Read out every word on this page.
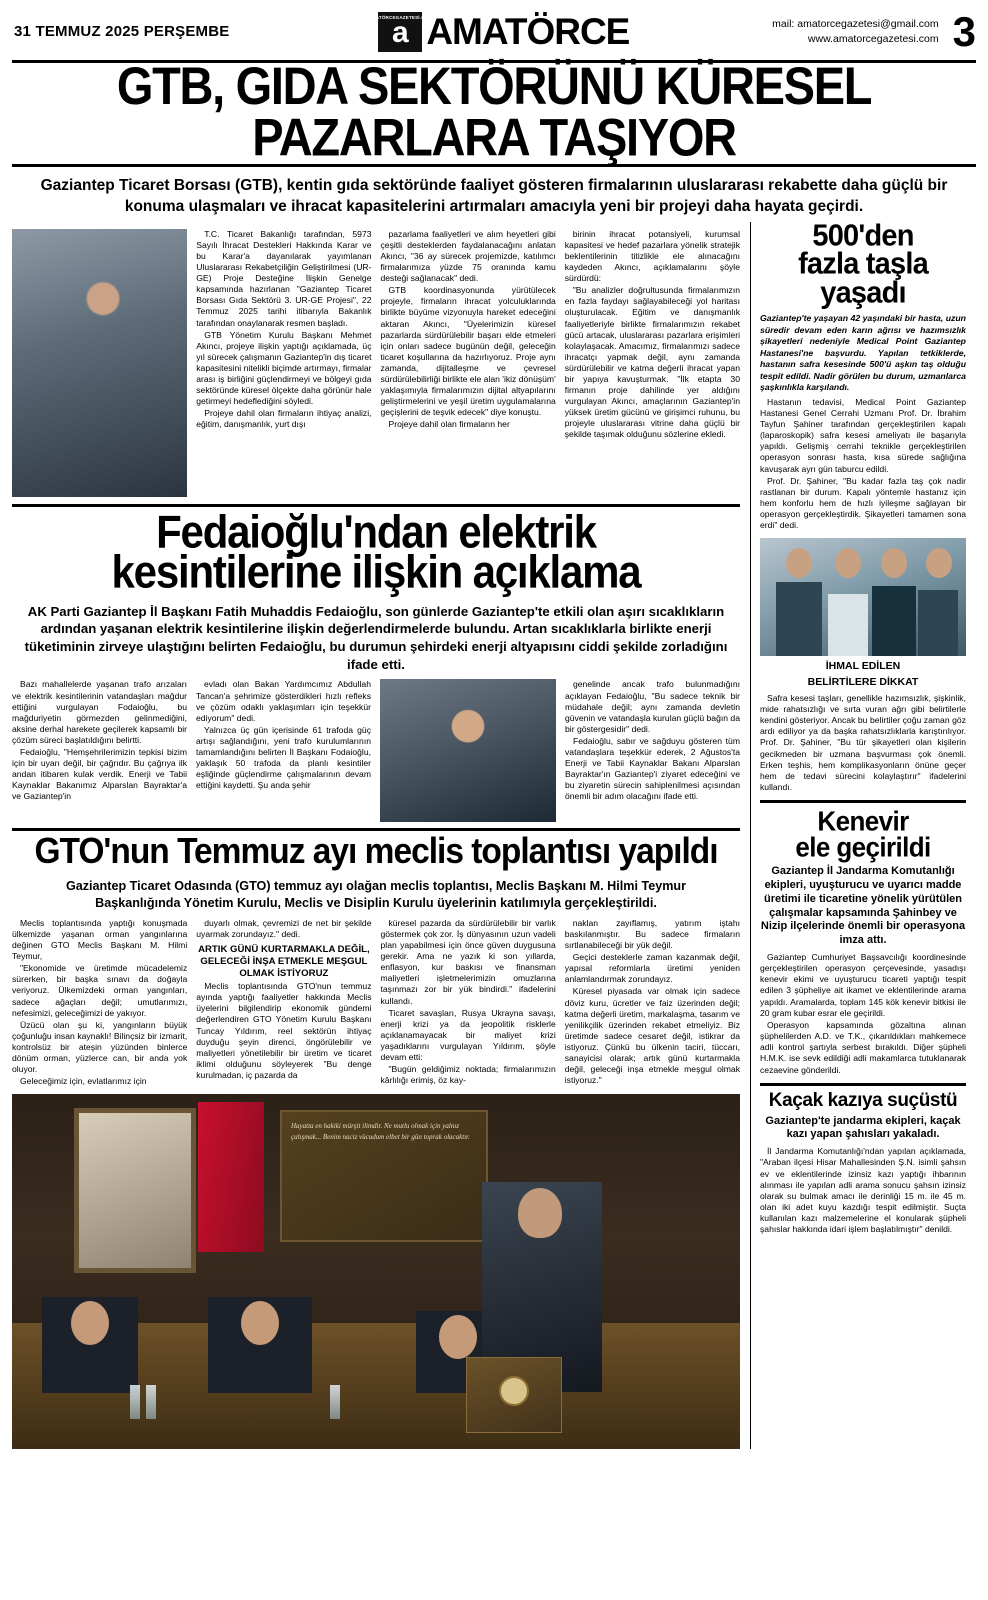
31 TEMMUZ 2025 PERŞEMBE
AMATÖRCEGAZETESİ.COM
a AMATÖRCE	mail: amatorcegazetesi@gmail.com
www.amatorcegazetesi.com 3
GTB, GIDA SEKTÖRÜNÜ KÜRESEL PAZARLARA TAŞIYOR
Gaziantep Ticaret Borsası (GTB), kentin gıda sektöründe faaliyet gösteren firmalarının uluslararası rekabette daha güçlü bir konuma ulaşmaları ve ihracat kapasitelerini artırmaları amacıyla yeni bir projeyi daha hayata geçirdi.

T.C. Ticaret Bakanlığı tarafından, 5973 Sayılı İhracat Destekleri Hakkında Karar ve bu Karar'a dayanılarak yayımlanan Uluslararası Rekabetçiliğin Geliştirilmesi (UR-GE) Proje Desteğine İlişkin Genelge kapsamında hazırlanan "Gaziantep Ticaret Borsası Gıda Sektörü 3. UR-GE Projesi", 22 Temmuz 2025 tarihi itibarıyla Bakanlık tarafından onaylanarak resmen başladı.

GTB Yönetim Kurulu Başkanı Mehmet Akıncı, projeye ilişkin yaptığı açıklamada, üç yıl sürecek çalışmanın Gaziantep'in dış ticaret kapasitesini nitelikli biçimde artırmayı, firmalar arası iş birliğini güçlendirmeyi ve bölgeyi gıda sektöründe küresel ölçekte daha görünür hale getirmeyi hedeflediğini söyledi.

Projeye dahil olan firmaların ihtiyaç analizi, eğitim, danışmanlık, yurt dışı

pazarlama faaliyetleri ve alım heyetleri gibi çeşitli desteklerden faydalanacağını anlatan Akıncı, "36 ay sürecek projemizde, katılımcı firmalarımıza yüzde 75 oranında kamu desteği sağlanacak" dedi.

GTB koordinasyonunda yürütülecek projeyle, firmaların ihracat yolculuklarında birlikte büyüme vizyonuyla hareket edeceğini aktaran Akıncı, "Üyelerimizin küresel pazarlarda sürdürülebilir başarı elde etmeleri için onları sadece bugünün değil, geleceğin ticaret koşullarına da hazırlıyoruz. Proje aynı zamanda, dijitalleşme ve çevresel sürdürülebilirliği birlikte ele alan 'ikiz dönüşüm' yaklaşımıyla firmalarımızın dijital altyapılarını geliştirmelerini ve yeşil üretim uygulamalarına geçişlerini de teşvik edecek" diye konuştu.

Projeye dahil olan firmaların her

birinin ihracat potansiyeli, kurumsal kapasitesi ve hedef pazarlara yönelik stratejik beklentilerinin titizlikle ele alınacağını kaydeden Akıncı, açıklamalarını şöyle sürdürdü:

"Bu analizler doğrultusunda firmalarımızın en fazla faydayı sağlayabileceği yol haritası oluşturulacak. Eğitim ve danışmanlık faaliyetleriyle birlikte firmalarımızın rekabet gücü artacak, uluslararası pazarlara erişimleri kolaylaşacak. Amacımız, firmalarımızı sadece ihracatçı yapmak değil, aynı zamanda sürdürülebilir ve katma değerli ihracat yapan bir yapıya kavuşturmak. "İlk etapta 30 firmanın proje dahilinde yer aldığını vurgulayan Akıncı, amaçlarının Gaziantep'in yüksek üretim gücünü ve girişimci ruhunu, bu projeyle uluslararası vitrine daha güçlü bir şekilde taşımak olduğunu sözlerine ekledi.

Fedaioğlu'ndan elektrik
kesintilerine ilişkin açıklama
AK Parti Gaziantep İl Başkanı Fatih Muhaddis Fedaioğlu, son günlerde Gaziantep'te etkili olan aşırı sıcaklıkların ardından yaşanan elektrik kesintilerine ilişkin değerlendirmelerde bulundu. Artan sıcaklıklarla birlikte enerji tüketiminin zirveye ulaştığını belirten Fedaioğlu, bu durumun şehirdeki enerji altyapısını ciddi şekilde zorladığını ifade etti.

Bazı mahallelerde yaşanan trafo arızaları ve elektrik kesintilerinin vatandaşları mağdur ettiğini vurgulayan Fodaioğlu, bu mağduriyetin görmezden gelinmediğini, aksine derhal harekete geçilerek kapsamlı bir çözüm süreci başlatıldığını belirtti.

Fedaioğlu, "Hemşehrilerimizin tepkisi bizim için bir uyarı değil, bir çağrıdır. Bu çağrıya ilk andan itibaren kulak verdik. Enerji ve Tabii Kaynaklar Bakanımız Alparslan Bayraktar'a ve Gaziantep'in

evladı olan Bakan Yardımcımız Abdullah Tancan'a şehrimize gösterdikleri hızlı refleks ve çözüm odaklı yaklaşımları için teşekkür ediyorum" dedi.

Yalnızca üç gün içerisinde 61 trafoda güç artışı sağlandığını, yeni trafo kurulumlarının tamamlandığını belirten İl Başkanı Fodaioğlu, yaklaşık 50 trafoda da planlı kesintiler eşliğinde güçlendirme çalışmalarının devam ettiğini kaydetti. Şu anda şehir

genelinde ancak trafo bulunmadığını açıklayan Fedaioğlu, "Bu sadece teknik bir müdahale değil; aynı zamanda devletin güvenin ve vatandaşla kurulan güçlü bağın da bir göstergesidir" dedi.

Fedaioğlu, sabır ve sağduyu gösteren tüm vatandaşlara teşekkür ederek, 2 Ağustos'ta Enerji ve Tabii Kaynaklar Bakanı Alparslan Bayraktar'ın Gaziantep'i ziyaret edeceğini ve bu ziyaretin sürecin sahiplenilmesi açısından önemli bir adım olacağını ifade etti.

GTO'nun Temmuz ayı meclis toplantısı yapıldı
Gaziantep Ticaret Odasında (GTO) temmuz ayı olağan meclis toplantısı, Meclis Başkanı M. Hilmi Teymur Başkanlığında Yönetim Kurulu, Meclis ve Disiplin Kurulu üyelerinin katılımıyla gerçekleştirildi.

Meclis toplantısında yaptığı konuşmada ülkemizde yaşanan orman yangınlarına değinen GTO Meclis Başkanı M. Hilmi Teymur,

"Ekonomide ve üretimde mücadelemiz sürerken, bir başka sınavı da doğayla veriyoruz. Ülkemizdeki orman yangınları, sadece ağaçları değil; umutlarımızı, nefesimizi, geleceğimizi de yakıyor.

Üzücü olan şu ki, yangınların büyük çoğunluğu insan kaynaklı! Bilinçsiz bir izmarit, kontrolsüz bir ateşin yüzünden binlerce dönüm orman, yüzlerce can, bir anda yok oluyor.

Geleceğimiz için, evlatlarımız için

duyarlı olmak, çevremizi de net bir şekilde uyarmak zorundayız." dedi.

ARTIK GÜNÜ KURTARMAKLA DEĞİL, GELECEĞİ İNŞA ETMEKLE MEŞGUL OLMAK İSTİYORUZ

Meclis toplantısında GTO'nun temmuz ayında yaptığı faaliyetler hakkında Meclis üyelerini bilgilendirip ekonomik gündemi değerlendiren GTO Yönetim Kurulu Başkanı Tuncay Yıldırım, reel sektörün ihtiyaç duyduğu şeyin direnci, öngörülebilir ve maliyetleri yönetilebilir bir üretim ve ticaret iklimi olduğunu söyleyerek "Bu denge kurulmadan, iç pazarda da

küresel pazarda da sürdürülebilir bir varlık göstermek çok zor. İş dünyasının uzun vadeli plan yapabilmesi için önce güven duygusuna gerekir. Ama ne yazık ki son yıllarda, enflasyon, kur baskısı ve finansman maliyetleri işletmelerimizin omuzlarına taşınmazı zor bir yük bindirdi." ifadelerini kullandı.

Ticaret savaşları, Rusya Ukrayna savaşı, enerji krizi ya da jeopolitik risklerle açıklanamayacak bir maliyet krizi yaşadıklarını vurgulayan Yıldırım, şöyle devam etti:

"Bugün geldiğimiz noktada; firmalarımızın kârlılığı erimiş, öz kay-

naklan zayıflamış, yatırım iştahı baskılanmıştır. Bu sadece firmaların sırtlanabileceği bir yük değil.

Geçici desteklerle zaman kazanmak değil, yapısal reformlarla üretimi yeniden anlamlandırmak zorundayız.

Küresel piyasada var olmak için sadece döviz kuru, ücretler ve faiz üzerinden değil; katma değerli üretim, markalaşma, tasarım ve yenilikçilik üzerinden rekabet etmeliyiz. Biz üretimde sadece cesaret değil, istikrar da istiyoruz. Çünkü bu ülkenin taciri, tüccarı, sanayicisi olarak; artık günü kurtarmakla değil, geleceği inşa etmekle meşgul olmak istiyoruz."

Hayatta en hakiki mürşit ilimdir. Ne mutlu olmak için yalnız çalışmak... Benim naciz vücudum elbet bir gün toprak olacaktır.
500'den
fazla taşla
yaşadı
Gaziantep'te yaşayan 42 yaşındaki bir hasta, uzun süredir devam eden karın ağrısı ve hazımsızlık şikayetleri nedeniyle Medical Point Gaziantep Hastanesi'ne başvurdu. Yapılan tetkiklerde, hastanın safra kesesinde 500'ü aşkın taş olduğu tespit edildi. Nadir görülen bu durum, uzmanlarca şaşkınlıkla karşılandı.

Hastanın tedavisi, Medical Point Gaziantep Hastanesi Genel Cerrahi Uzmanı Prof. Dr. İbrahim Tayfun Şahiner tarafından gerçekleştirilen kapalı (laparoskopik) safra kesesi ameliyatı ile başarıyla yapıldı. Gelişmiş cerrahi teknikle gerçekleştirilen operasyon sonrası hasta, kısa sürede sağlığına kavuşarak ayrı gün taburcu edildi.

Prof. Dr. Şahiner, "Bu kadar fazla taş çok nadir rastlanan bir durum. Kapalı yöntemle hastanız için hem konforlu hem de hızlı iyileşme sağlayan bir operasyon gerçekleştirdik. Şikayetleri tamamen sona erdi" dedi.

İHMAL EDİLEN
BELİRTİLERE DİKKAT

Safra kesesi taşları, genellikle hazımsızlık, şişkinlik, mide rahatsızlığı ve sırta vuran ağrı gibi belirtilerle kendini gösteriyor. Ancak bu belirtiler çoğu zaman göz ardı ediliyor ya da başka rahatsızlıklarla karıştırılıyor. Prof. Dr. Şahiner, "Bu tür şikayetleri olan kişilerin gecikmeden bir uzmana başvurması çok önemli. Erken teşhis, hem komplikasyonların önüne geçer hem de tedavi sürecini kolaylaştırır" ifadelerini kullandı.

Kenevir
ele geçirildi
Gaziantep İl Jandarma Komutanlığı ekipleri, uyuşturucu ve uyarıcı madde üretimi ile ticaretine yönelik yürütülen çalışmalar kapsamında Şahinbey ve Nizip ilçelerinde önemli bir operasyona imza attı.

Gaziantep Cumhuriyet Başsavcılığı koordinesinde gerçekleştirilen operasyon çerçevesinde, yasadışı kenevir ekimi ve uyuşturucu ticareti yaptığı tespit edilen 3 şüpheliye ait ikamet ve eklentilerinde arama yapıldı. Aramalarda, toplam 145 kök kenevir bitkisi ile 20 gram kubar esrar ele geçirildi.

Operasyon kapsamında gözaltına alınan şüphelilerden A.D. ve T.K., çıkarıldıkları mahkemece adli kontrol şartıyla serbest bırakıldı. Diğer şüpheli H.M.K. ise sevk edildiği adli makamlarca tutuklanarak cezaevine gönderildi.

Kaçak kazıya suçüstü
Gaziantep'te jandarma ekipleri, kaçak kazı yapan şahısları yakaladı.

İl Jandarma Komutanlığı'ndan yapılan açıklamada, "Araban ilçesi Hisar Mahallesinden Ş.N. isimli şahsın ev ve eklentilerinde izinsiz kazı yaptığı ihbarının alınması ile yapılan adli arama sonucu şahsın izinsiz olarak su bulmak amacı ile derinliği 15 m. ile 45 m. olan iki adet kuyu kazdığı tespit edilmiştir. Suçta kullanılan kazı malzemelerine el konularak şüpheli şahıslar hakkında idari işlem başlatılmıştır" denildi.
